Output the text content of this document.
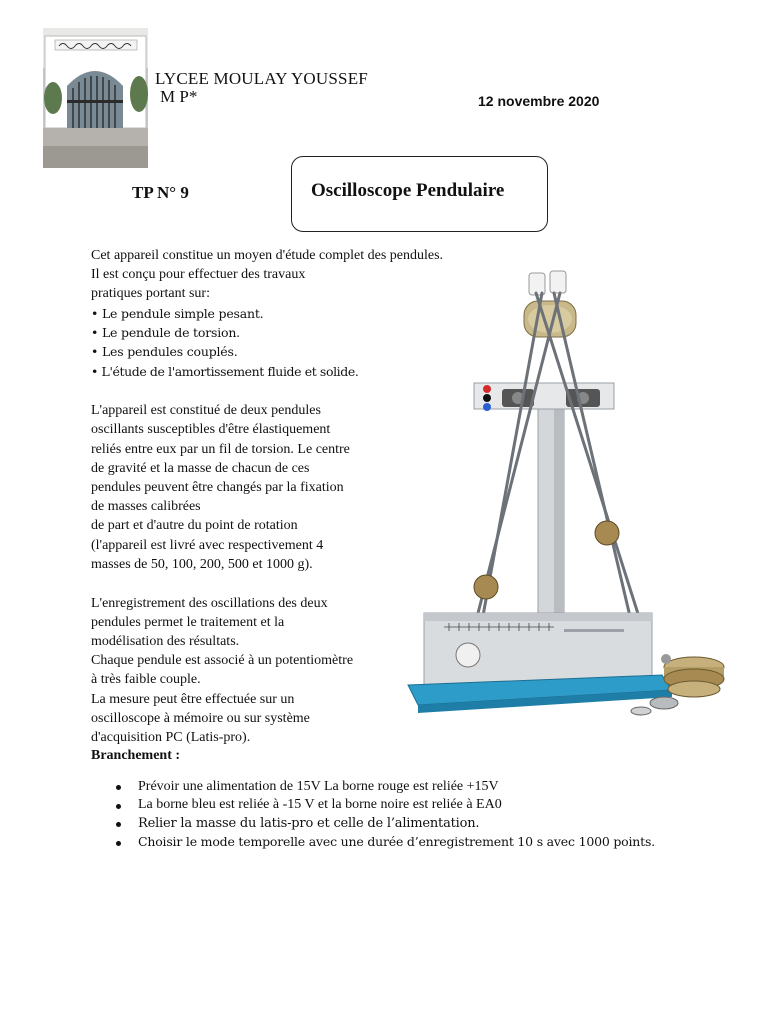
LYCEE MOULAY YOUSSEF
M P*	12 novembre 2020
TP N° 9	Oscilloscope Pendulaire
Cet appareil constitue un moyen d'étude complet des pendules.
Il est conçu pour effectuer des travaux
pratiques portant sur:
• Le pendule simple pesant.
• Le pendule de torsion.
• Les pendules couplés.
• L'étude de l'amortissement fluide et solide.
L'appareil est constitué de deux pendules
oscillants susceptibles d'être élastiquement
reliés entre eux par un fil de torsion. Le centre
de gravité et la masse de chacun de ces
pendules peuvent être changés par la fixation
de masses calibrées
de part et d'autre du point de rotation
(l'appareil est livré avec respectivement 4
masses de 50, 100, 200, 500 et 1000 g).
L'enregistrement des oscillations des deux
pendules permet le traitement et la
modélisation des résultats.
Chaque pendule est associé à un potentiomètre
à très faible couple.
La mesure peut être effectuée sur un
oscilloscope à mémoire ou sur système
d'acquisition PC (Latis-pro).
Branchement :
Prévoir une alimentation de 15V La borne rouge est reliée +15V
La borne bleu est reliée à -15 V et la borne noire est reliée à EA0
Relier la masse du latis-pro et celle de l’alimentation.
Choisir le mode temporelle avec une durée d’enregistrement 10 s avec 1000 points.
